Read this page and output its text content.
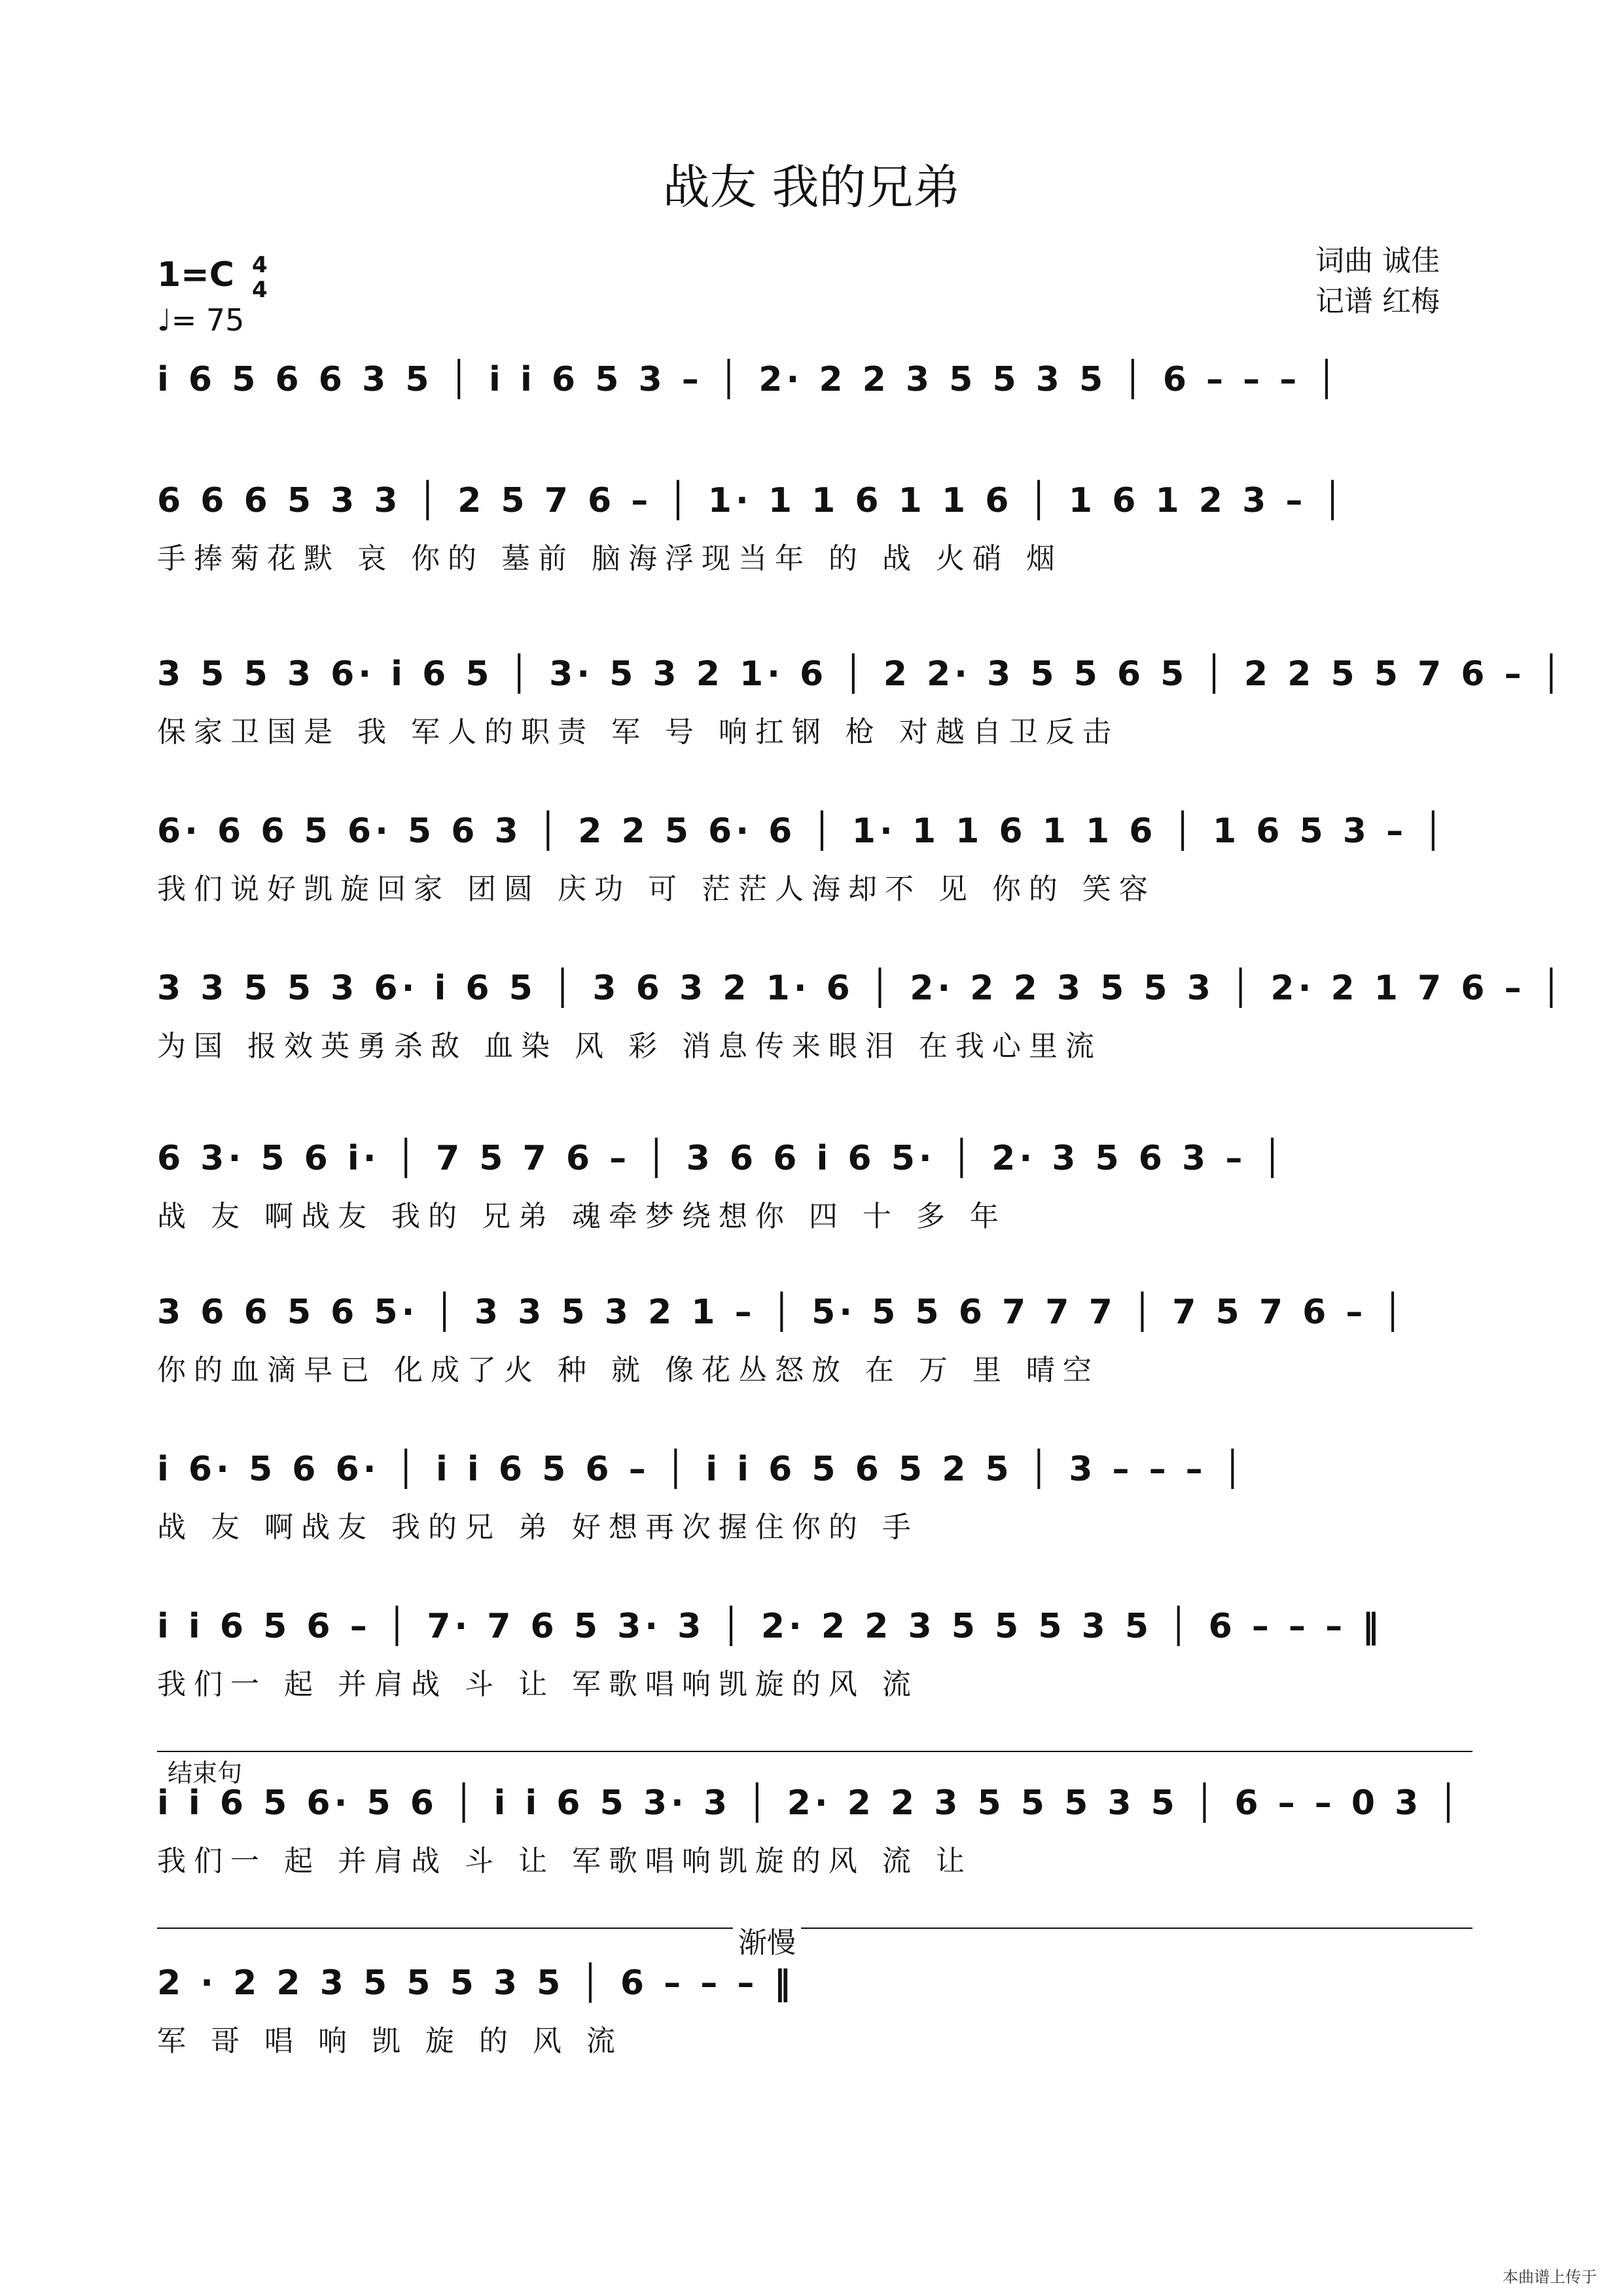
战友 我的兄弟
词曲 诚佳
记谱 红梅
1=C 4
4
♩= 75
i 6 5 6 6 3 5 │ i i 6 5 3 – │ 2· 2 2 3 5 5 3 5 │ 6 – – – │
6 6 6 5 3 3 │ 2 5 7 6 – │ 1· 1 1 6 1 1 6 │ 1 6 1 2 3 – │
手捧菊花默 哀 你的 墓前 脑海浮现当年 的 战 火硝 烟
3 5 5 3 6· i 6 5 │ 3· 5 3 2 1· 6 │ 2 2· 3 5 5 6 5 │ 2 2 5 5 7 6 – │
保家卫国是 我 军人的职责 军 号 响扛钢 枪 对越自卫反击
6· 6 6 5 6· 5 6 3 │ 2 2 5 6· 6 │ 1· 1 1 6 1 1 6 │ 1 6 5 3 – │
我们说好凯旋回家 团圆 庆功 可 茫茫人海却不 见 你的 笑容
3 3 5 5 3 6· i 6 5 │ 3 6 3 2 1· 6 │ 2· 2 2 3 5 5 3 │ 2· 2 1 7 6 – │
为国 报效英勇杀敌 血染 风 彩 消息传来眼泪 在我心里流
6 3· 5 6 i· │ 7 5 7 6 – │ 3 6 6 i 6 5· │ 2· 3 5 6 3 – │
战 友 啊战友 我的 兄弟 魂牵梦绕想你 四 十 多 年
3 6 6 5 6 5· │ 3 3 5 3 2 1 – │ 5· 5 5 6 7 7 7 │ 7 5 7 6 – │
你的血滴早已 化成了火 种 就 像花丛怒放 在 万 里 晴空
i 6· 5 6 6· │ i i 6 5 6 – │ i i 6 5 6 5 2 5 │ 3 – – – │
战 友 啊战友 我的兄 弟 好想再次握住你的 手
i i 6 5 6 – │ 7· 7 6 5 3· 3 │ 2· 2 2 3 5 5 5 3 5 │ 6 – – – ‖
我们一 起 并肩战 斗 让 军歌唱响凯旋的风 流
结束句
i i 6 5 6· 5 6 │ i i 6 5 3· 3 │ 2· 2 2 3 5 5 5 3 5 │ 6 – – 0 3 │
我们一 起 并肩战 斗 让 军歌唱响凯旋的风 流 让
渐慢
2 · 2 2 3 5 5 5 3 5 │ 6 – – – ‖
军 哥 唱 响 凯 旋 的 风 流
本曲谱上传于
